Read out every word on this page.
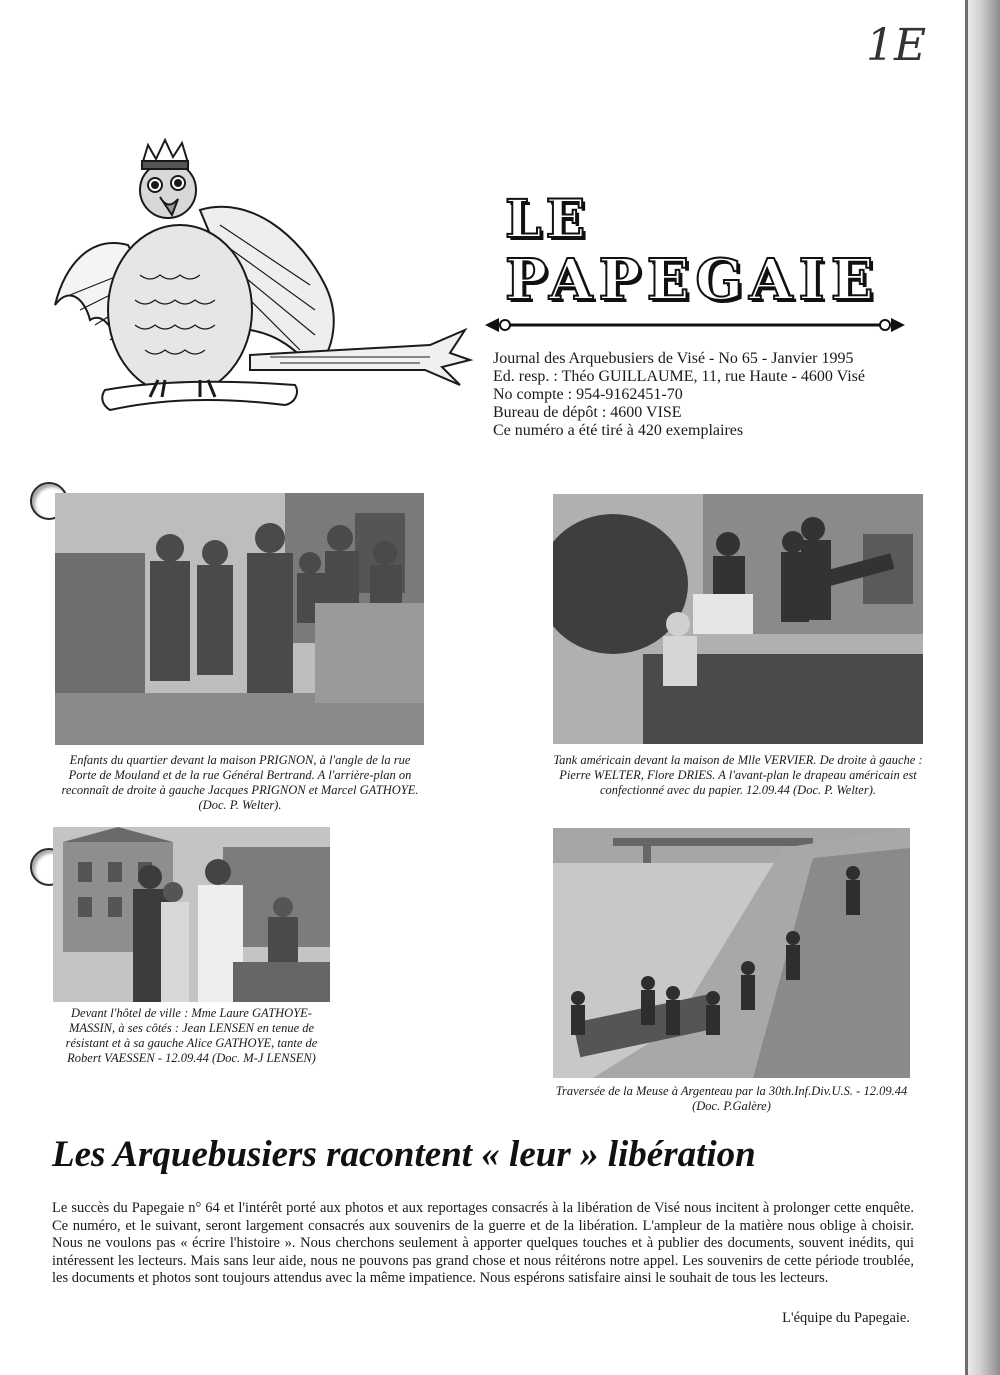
1E
LE
PAPEGAIE
Journal des Arquebusiers de Visé - No 65 - Janvier 1995
Ed. resp. : Théo GUILLAUME, 11, rue Haute - 4600 Visé
No compte : 954-9162451-70
Bureau de dépôt : 4600 VISE
Ce numéro a été tiré à 420 exemplaires
Enfants du quartier devant la maison PRIGNON, à l'angle de la rue Porte de Mouland et de la rue Général Bertrand. A l'arrière-plan on reconnaît de droite à gauche Jacques PRIGNON et Marcel GATHOYE. (Doc. P. Welter).
Tank américain devant la maison de Mlle VERVIER. De droite à gauche : Pierre WELTER, Flore DRIES. A l'avant-plan le drapeau américain est confectionné avec du papier. 12.09.44 (Doc. P. Welter).
Devant l'hôtel de ville : Mme Laure GATHOYE-MASSIN, à ses côtés : Jean LENSEN en tenue de résistant et à sa gauche Alice GATHOYE, tante de Robert VAESSEN - 12.09.44 (Doc. M-J LENSEN)
Traversée de la Meuse à Argenteau par la 30th.Inf.Div.U.S. - 12.09.44 (Doc. P.Galère)
Les Arquebusiers racontent « leur » libération
Le succès du Papegaie n° 64 et l'intérêt porté aux photos et aux reportages consacrés à la libération de Visé nous incitent à prolonger cette enquête. Ce numéro, et le suivant, seront largement consacrés aux souvenirs de la guerre et de la libération. L'ampleur de la matière nous oblige à choisir. Nous ne voulons pas « écrire l'histoire ». Nous cherchons seulement à apporter quelques touches et à publier des documents, souvent inédits, qui intéressent les lecteurs. Mais sans leur aide, nous ne pouvons pas grand chose et nous réitérons notre appel. Les souvenirs de cette période troublée, les documents et photos sont toujours attendus avec la même impatience. Nous espérons satisfaire ainsi le souhait de tous les lecteurs.
L'équipe du Papegaie.
